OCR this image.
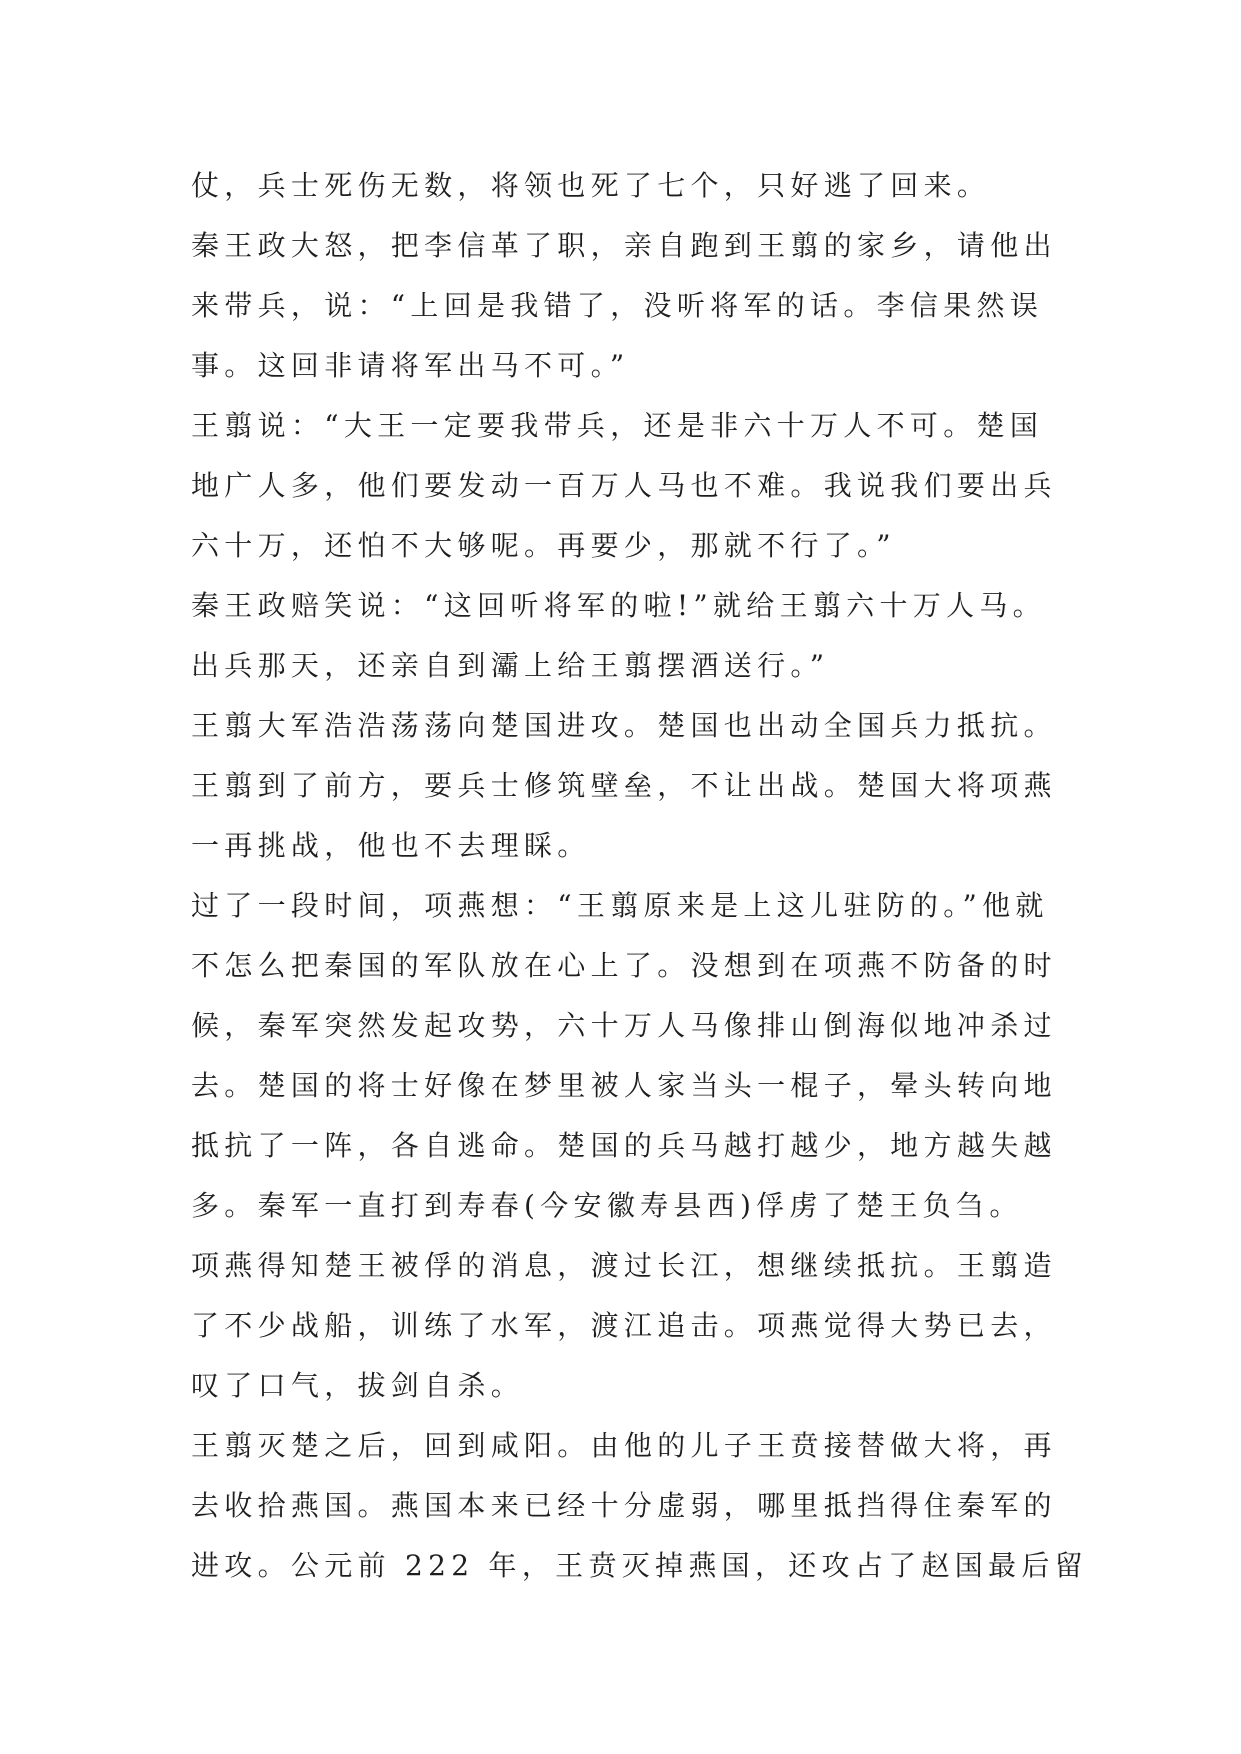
仗，兵士死伤无数，将领也死了七个，只好逃了回来。
秦王政大怒，把李信革了职，亲自跑到王翦的家乡，请他出
来带兵，说：“上回是我错了，没听将军的话。李信果然误
事。这回非请将军出马不可。”
王翦说：“大王一定要我带兵，还是非六十万人不可。楚国
地广人多，他们要发动一百万人马也不难。我说我们要出兵
六十万，还怕不大够呢。再要少，那就不行了。”
秦王政赔笑说：“这回听将军的啦!”就给王翦六十万人马。
出兵那天，还亲自到灞上给王翦摆酒送行。”
王翦大军浩浩荡荡向楚国进攻。楚国也出动全国兵力抵抗。
王翦到了前方，要兵士修筑壁垒，不让出战。楚国大将项燕
一再挑战，他也不去理睬。
过了一段时间，项燕想：“王翦原来是上这儿驻防的。”他就
不怎么把秦国的军队放在心上了。没想到在项燕不防备的时
候，秦军突然发起攻势，六十万人马像排山倒海似地冲杀过
去。楚国的将士好像在梦里被人家当头一棍子，晕头转向地
抵抗了一阵，各自逃命。楚国的兵马越打越少，地方越失越
多。秦军一直打到寿春(今安徽寿县西)俘虏了楚王负刍。
项燕得知楚王被俘的消息，渡过长江，想继续抵抗。王翦造
了不少战船，训练了水军，渡江追击。项燕觉得大势已去，
叹了口气，拔剑自杀。
王翦灭楚之后，回到咸阳。由他的儿子王贲接替做大将，再
去收拾燕国。燕国本来已经十分虚弱，哪里抵挡得住秦军的
进攻。公元前 222 年，王贲灭掉燕国，还攻占了赵国最后留
